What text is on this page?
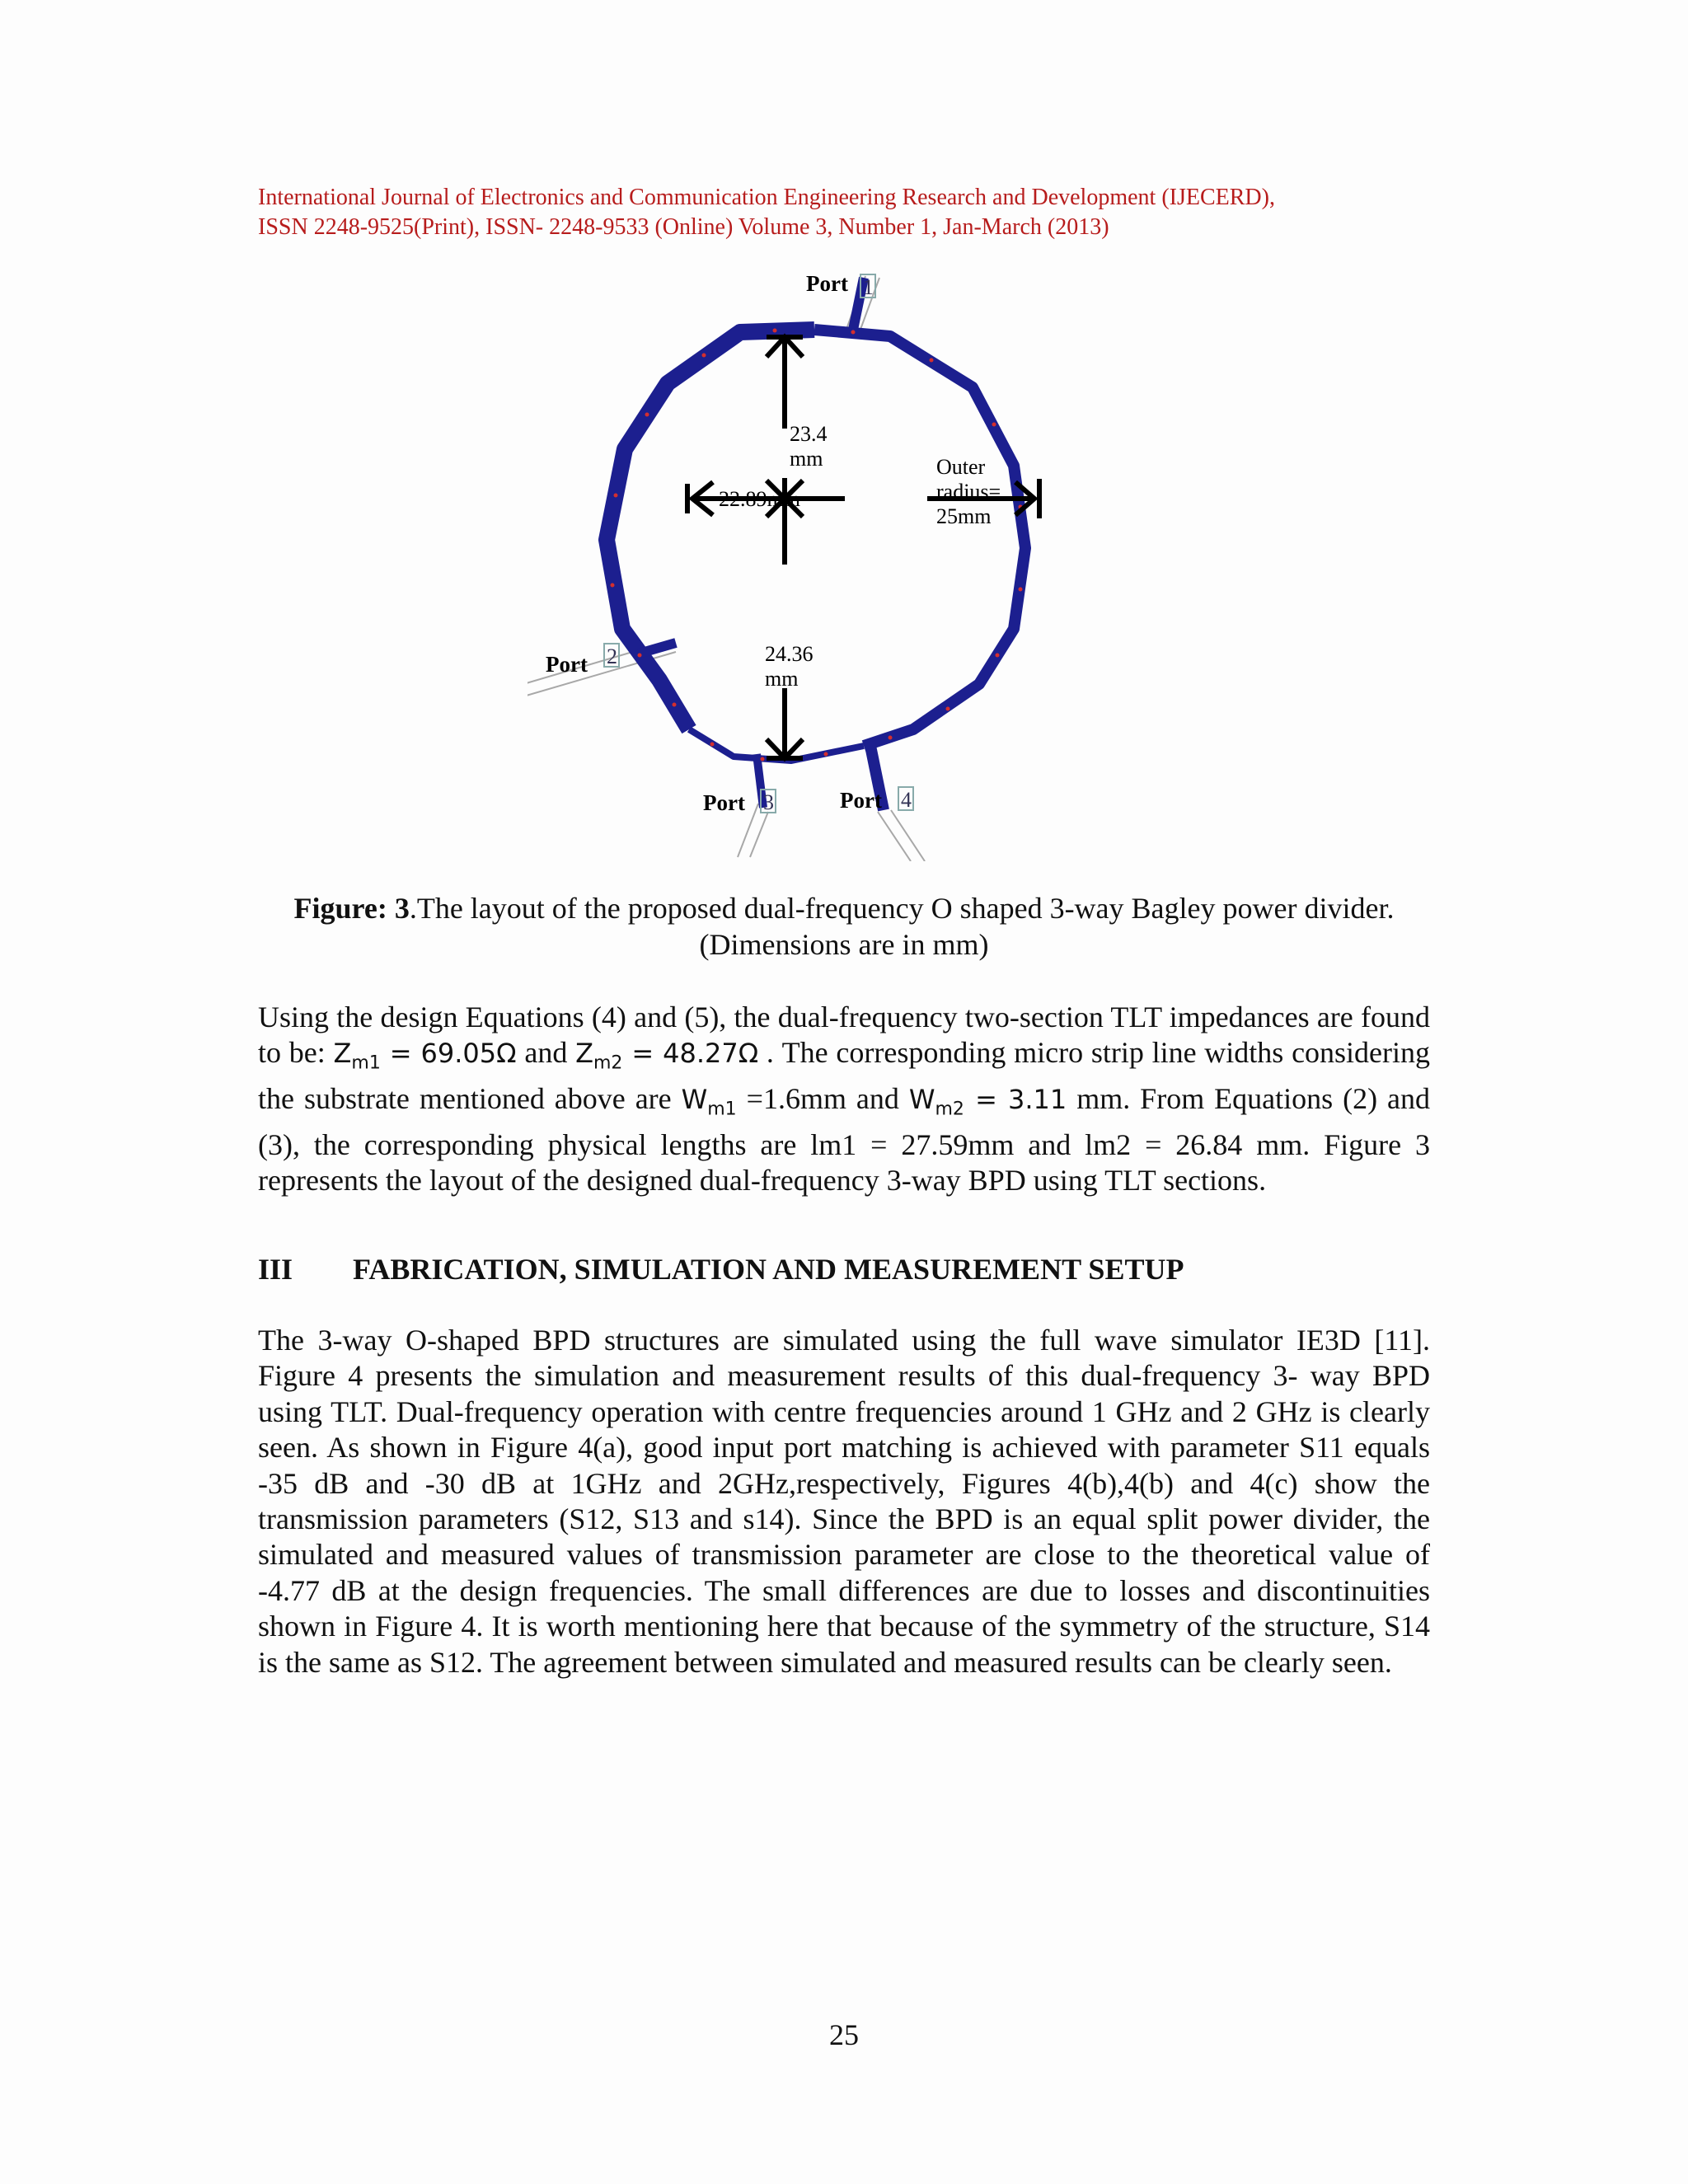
International Journal of Electronics and Communication Engineering Research and Development (IJECERD),
ISSN 2248-9525(Print), ISSN- 2248-9533 (Online) Volume 3, Number 1, Jan-March (2013)
23.4
mm
22.89mm
24.36
mm
Outer
radius=
25mm
Port 1
Port 2
Port 3	Port 4
Figure: 3.The layout of the proposed dual-frequency O shaped 3-way Bagley power divider.
(Dimensions are in mm)
Using the design Equations (4) and (5), the dual-frequency two-section TLT impedances are found to be: $Z_{m1} = 69.05\Omega$ and $Z_{m2} = 48.27\Omega$ . The corresponding micro strip line widths considering the substrate mentioned above are $W_{m1} =1.6mm$ and $W_{m2} = 3.11$ mm. From Equations (2) and (3), the corresponding physical lengths are lm1 = 27.59mm and lm2 = 26.84 mm. Figure 3 represents the layout of the designed dual-frequency 3-way BPD using TLT sections.
III FABRICATION, SIMULATION AND MEASUREMENT SETUP
The 3-way O-shaped BPD structures are simulated using the full wave simulator IE3D [11]. Figure 4 presents the simulation and measurement results of this dual-frequency 3- way BPD using TLT. Dual-frequency operation with centre frequencies around 1 GHz and 2 GHz is clearly seen. As shown in Figure 4(a), good input port matching is achieved with parameter S11 equals -35 dB and -30 dB at 1GHz and 2GHz,respectively, Figures 4(b),4(b) and 4(c) show the transmission parameters (S12, S13 and s14). Since the BPD is an equal split power divider, the simulated and measured values of transmission parameter are close to the theoretical value of -4.77 dB at the design frequencies. The small differences are due to losses and discontinuities shown in Figure 4. It is worth mentioning here that because of the symmetry of the structure, S14 is the same as S12. The agreement between simulated and measured results can be clearly seen.
25
